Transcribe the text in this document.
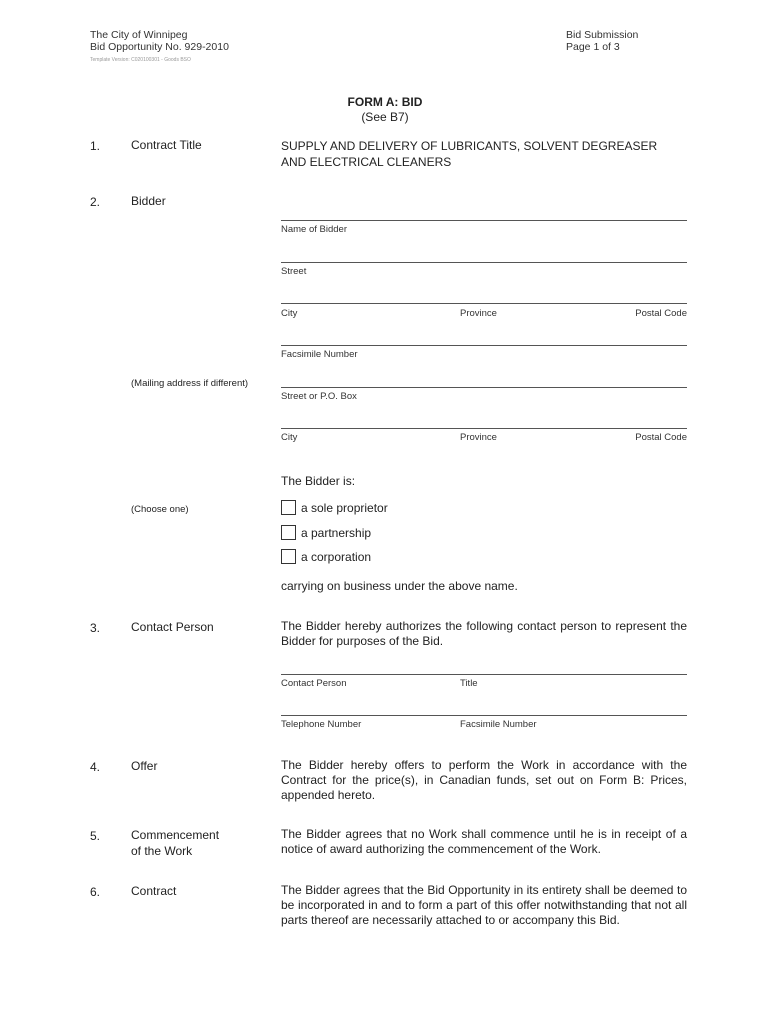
The City of Winnipeg
Bid Opportunity No. 929-2010
Bid Submission
Page 1 of 3
Template Version: C020100301 - Goods BSO
FORM A: BID
(See B7)
1.	Contract Title	SUPPLY AND DELIVERY OF LUBRICANTS, SOLVENT DEGREASER
AND ELECTRICAL CLEANERS
2.	Bidder
Name of Bidder
Street
City	Province	Postal Code
Facsimile Number
(Mailing address if different)
Street or P.O. Box
City	Province	Postal Code
The Bidder is:
(Choose one)	a sole proprietor
a partnership
a corporation
carrying on business under the above name.
3.	Contact Person	The Bidder hereby authorizes the following contact person to represent the Bidder for purposes of the Bid.
Contact Person	Title
Telephone Number	Facsimile Number
4.	Offer	The Bidder hereby offers to perform the Work in accordance with the Contract for the price(s), in Canadian funds, set out on Form B: Prices, appended hereto.
5.	Commencement
of the Work
The Bidder agrees that no Work shall commence until he is in receipt of a notice of award authorizing the commencement of the Work.
6.	Contract	The Bidder agrees that the Bid Opportunity in its entirety shall be deemed to be incorporated in and to form a part of this offer notwithstanding that not all parts thereof are necessarily attached to or accompany this Bid.
